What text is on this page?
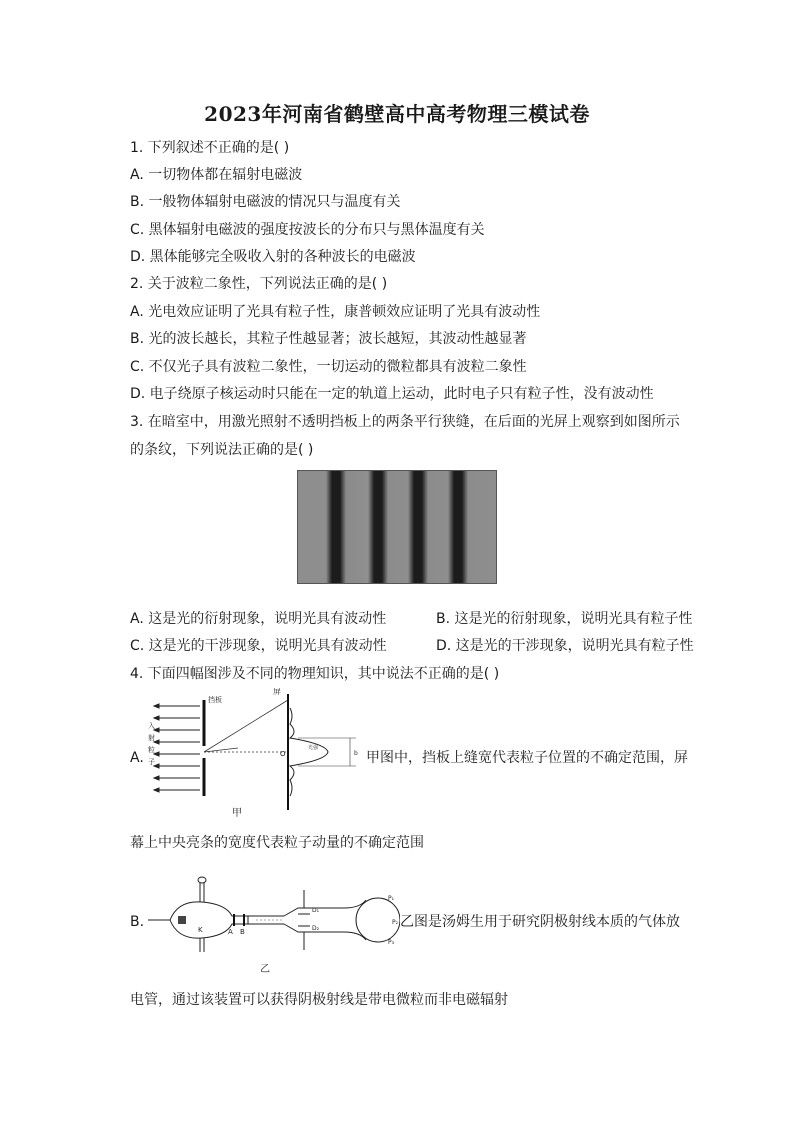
2023年河南省鹤壁高中高考物理三模试卷
1. 下列叙述不正确的是( )
A. 一切物体都在辐射电磁波
B. 一般物体辐射电磁波的情况只与温度有关
C. 黑体辐射电磁波的强度按波长的分布只与黑体温度有关
D. 黑体能够完全吸收入射的各种波长的电磁波
2. 关于波粒二象性，下列说法正确的是( )
A. 光电效应证明了光具有粒子性，康普顿效应证明了光具有波动性
B. 光的波长越长，其粒子性越显著；波长越短，其波动性越显著
C. 不仅光子具有波粒二象性，一切运动的微粒都具有波粒二象性
D. 电子绕原子核运动时只能在一定的轨道上运动，此时电子只有粒子性，没有波动性
3. 在暗室中，用激光照射不透明挡板上的两条平行狭缝，在后面的光屏上观察到如图所示
的条纹，下列说法正确的是( )
A. 这是光的衍射现象，说明光具有波动性	B. 这是光的衍射现象，说明光具有粒子性
C. 这是光的干涉现象，说明光具有波动性	D. 这是光的干涉现象，说明光具有粒子性
4. 下面四幅图涉及不同的物理知识，其中说法不正确的是( )
A.	b
屏
挡板
入
射
粒
子
光强
O
甲
甲图中，挡板上缝宽代表粒子位置的不确定范围，屏
幕上中央亮条的宽度代表粒子动量的不确定范围
B.	K	A B
D₁
D₂
P₁
P₂
P₃
乙
乙图是汤姆生用于研究阴极射线本质的气体放
电管，通过该装置可以获得阴极射线是带电微粒而非电磁辐射
